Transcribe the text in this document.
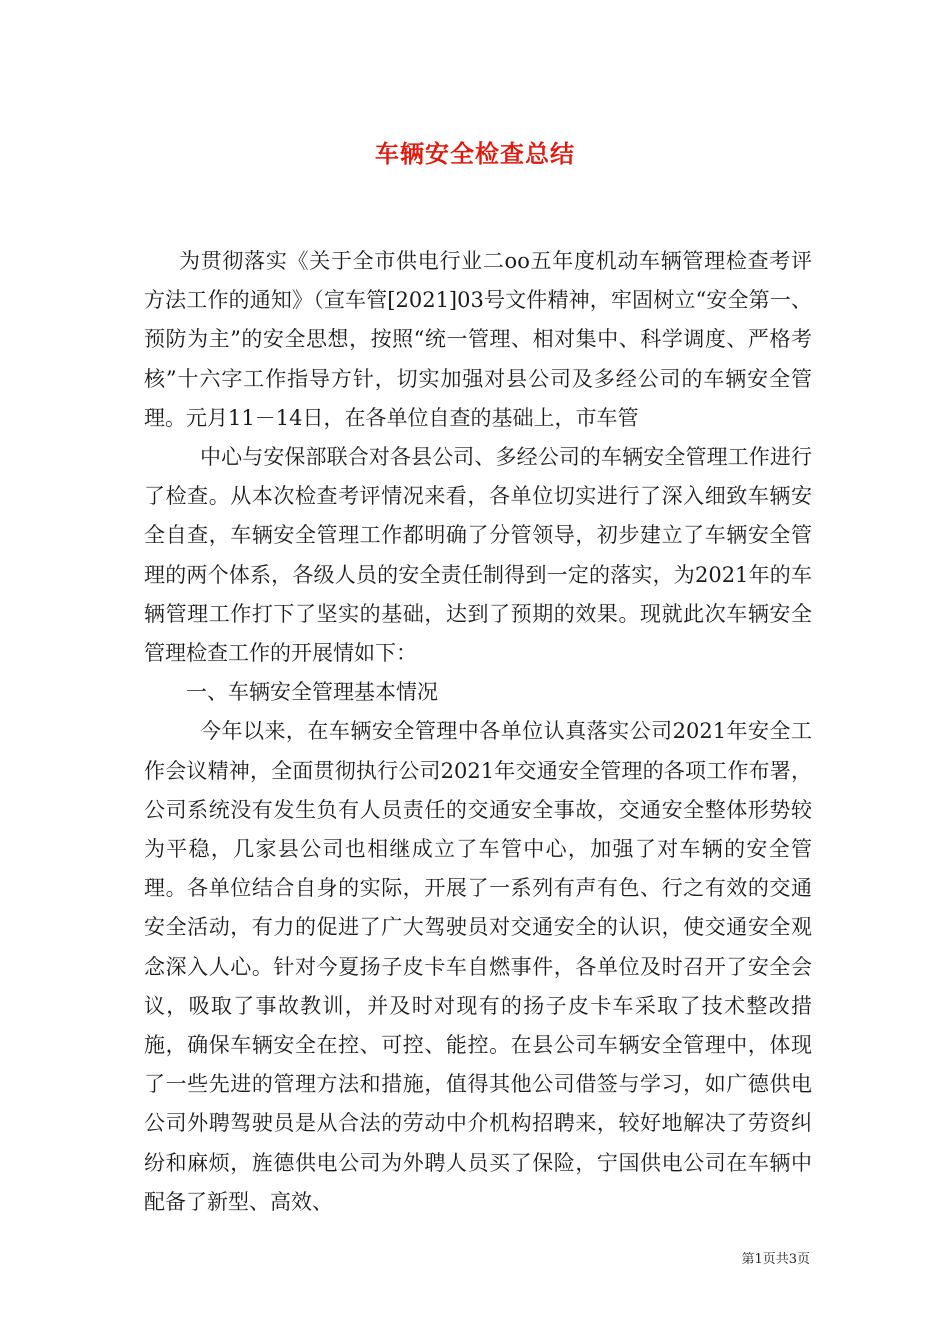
车辆安全检查总结

为贯彻落实《关于全市供电行业二oo五年度机动车辆管理检查考评方法工作的通知》（宣车管[2021]03号文件精神，牢固树立“安全第一、预防为主”的安全思想，按照“统一管理、相对集中、科学调度、严格考核”十六字工作指导方针，切实加强对县公司及多经公司的车辆安全管理。元月11－14日，在各单位自查的基础上，市车管

中心与安保部联合对各县公司、多经公司的车辆安全管理工作进行了检查。从本次检查考评情况来看，各单位切实进行了深入细致车辆安全自查，车辆安全管理工作都明确了分管领导，初步建立了车辆安全管理的两个体系，各级人员的安全责任制得到一定的落实，为2021年的车辆管理工作打下了坚实的基础，达到了预期的效果。现就此次车辆安全管理检查工作的开展情如下：

一、车辆安全管理基本情况

今年以来，在车辆安全管理中各单位认真落实公司2021年安全工作会议精神，全面贯彻执行公司2021年交通安全管理的各项工作布署，公司系统没有发生负有人员责任的交通安全事故，交通安全整体形势较为平稳，几家县公司也相继成立了车管中心，加强了对车辆的安全管理。各单位结合自身的实际，开展了一系列有声有色、行之有效的交通安全活动，有力的促进了广大驾驶员对交通安全的认识，使交通安全观念深入人心。针对今夏扬子皮卡车自燃事件，各单位及时召开了安全会议，吸取了事故教训，并及时对现有的扬子皮卡车采取了技术整改措施，确保车辆安全在控、可控、能控。在县公司车辆安全管理中，体现了一些先进的管理方法和措施，值得其他公司借签与学习，如广德供电公司外聘驾驶员是从合法的劳动中介机构招聘来，较好地解决了劳资纠纷和麻烦，旌德供电公司为外聘人员买了保险，宁国供电公司在车辆中配备了新型、高效、

第1页共3页
